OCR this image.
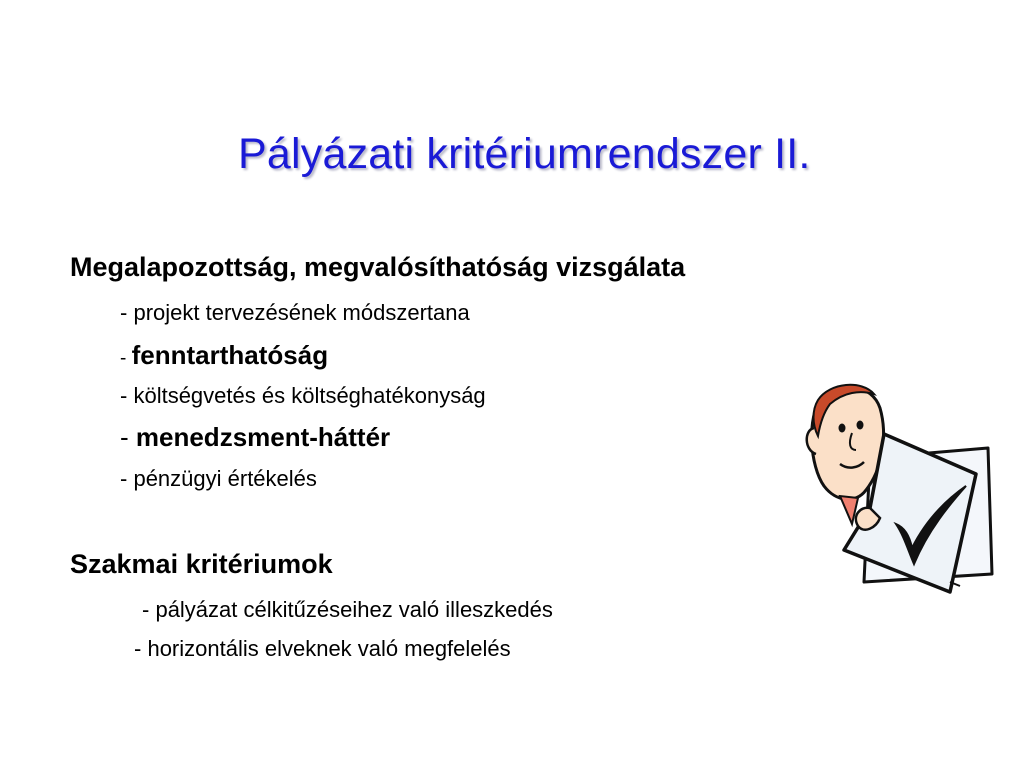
Pályázati kritériumrendszer II.

Megalapozottság, megvalósíthatóság vizsgálata

- projekt tervezésének módszertana

- fenntarthatóság

- költségvetés és költséghatékonyság

- menedzsment-háttér

- pénzügyi értékelés

Szakmai kritériumok

- pályázat célkitűzéseihez való illeszkedés

- horizontális elveknek való megfelelés
